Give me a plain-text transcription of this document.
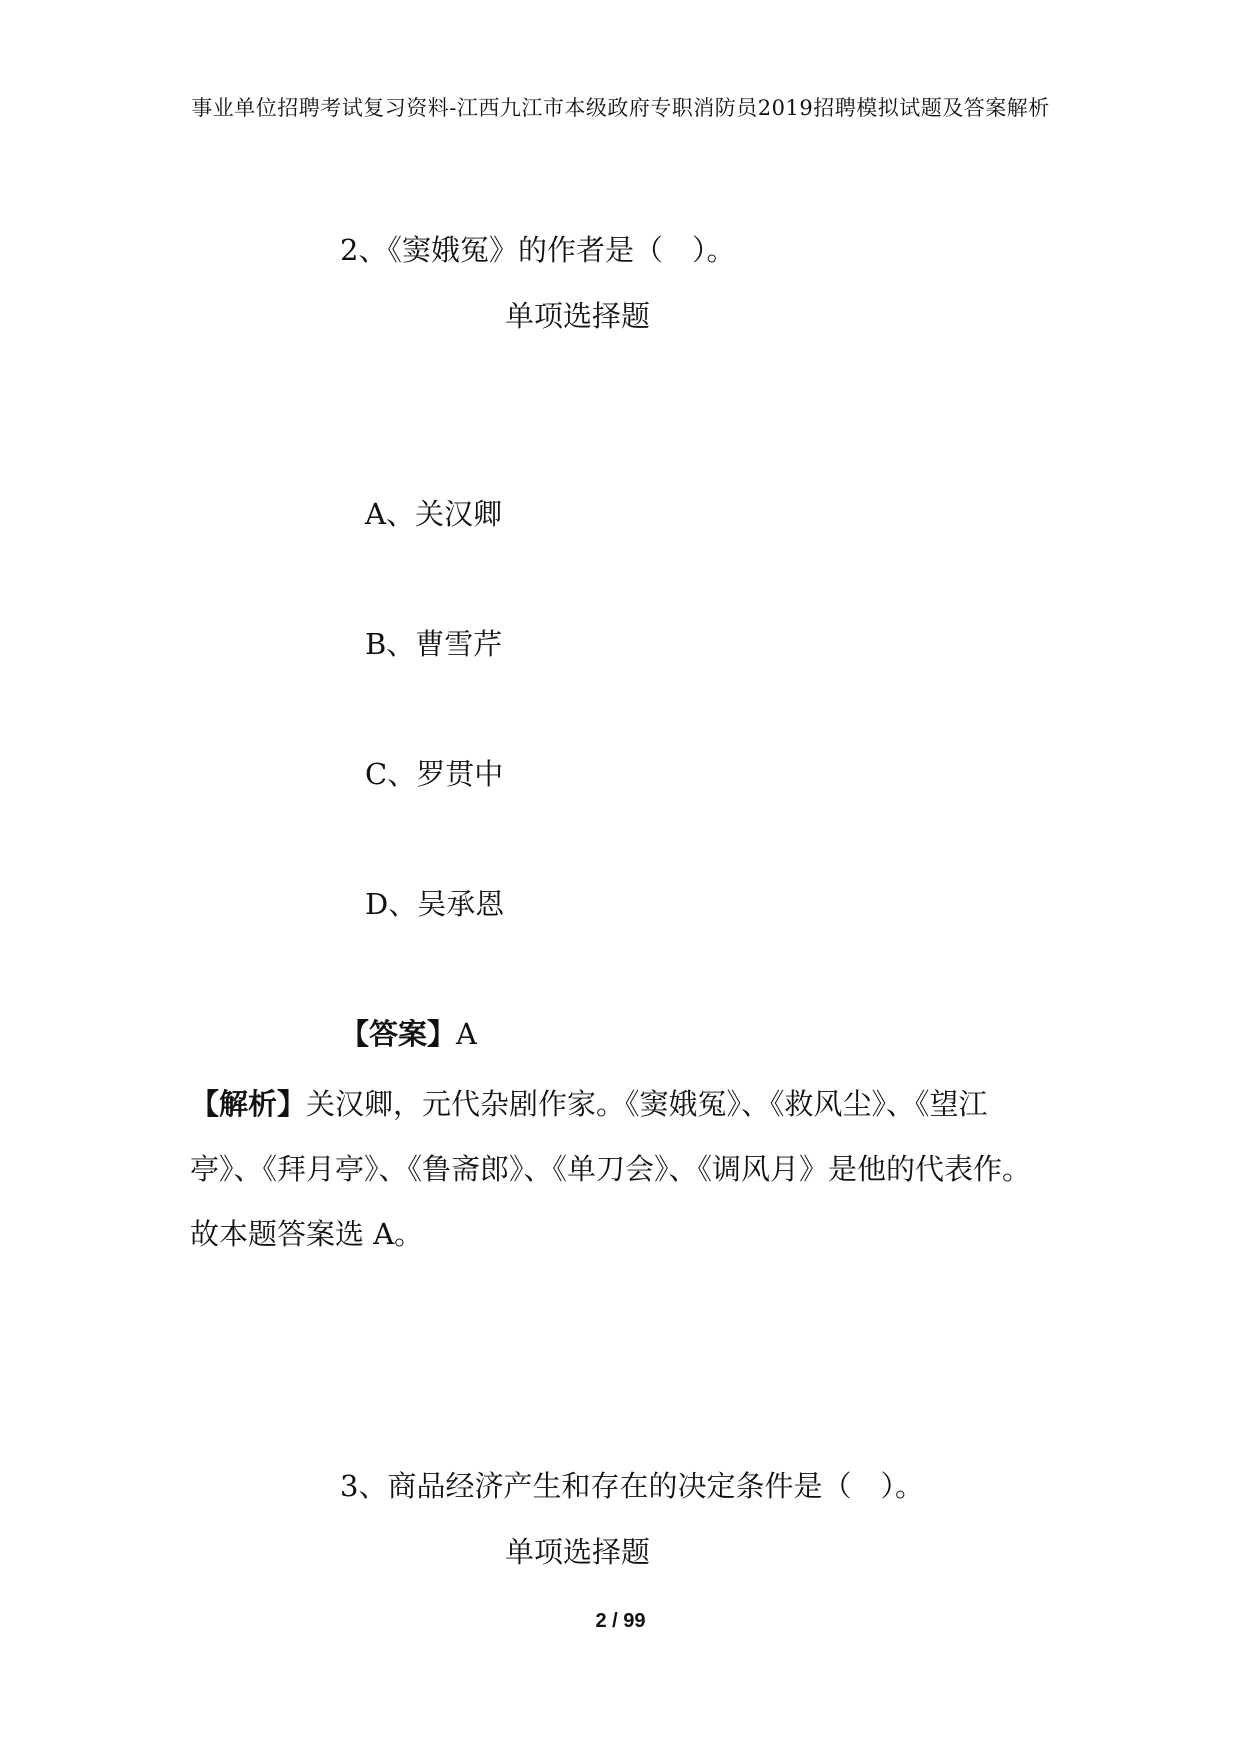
事业单位招聘考试复习资料-江西九江市本级政府专职消防员2019招聘模拟试题及答案解析
2、《窦娥冤》的作者是（　）。
单项选择题
A、关汉卿
B、曹雪芹
C、罗贯中
D、吴承恩
【答案】A

【解析】关汉卿，元代杂剧作家。《窦娥冤》、《救风尘》、《望江

亭》、《拜月亭》、《鲁斋郎》、《单刀会》、《调风月》是他的代表作。

故本题答案选 A。

3、商品经济产生和存在的决定条件是（　）。
单项选择题
2 / 99
